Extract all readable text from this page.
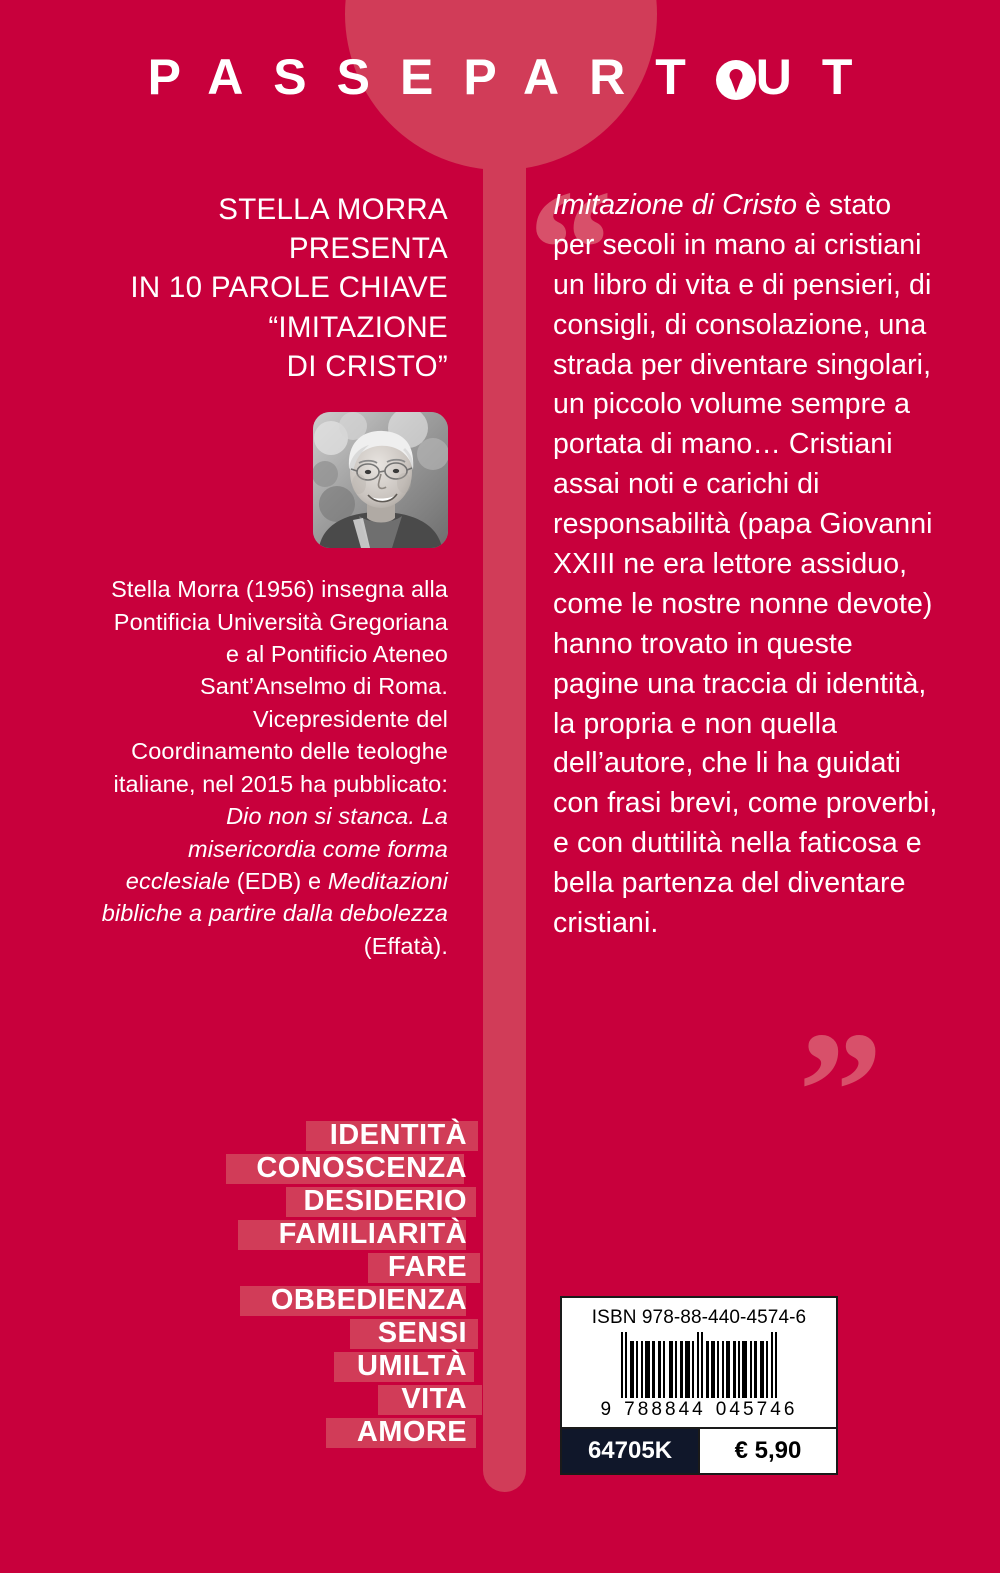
PASSEPART UT
STELLA MORRA
PRESENTA
IN 10 PAROLE CHIAVE
“IMITAZIONE
DI CRISTO”
Stella Morra (1956) insegna alla Pontificia Università Gregoriana e al Pontificio Ateneo Sant’Anselmo di Roma. Vicepresidente del Coordinamento delle teologhe italiane, nel 2015 ha pubblicato: Dio non si stanca. La misericordia come forma ecclesiale (EDB) e Meditazioni bibliche a partire dalla debolezza (Effatà).
IDENTITÀ
CONOSCENZA
DESIDERIO
FAMILIARITÀ
FARE
OBBEDIENZA
SENSI
UMILTÀ
VITA
AMORE
“
”
Imitazione di Cristo è stato per secoli in mano ai cristiani un libro di vita e di pensieri, di consigli, di consolazione, una strada per diventare singolari, un piccolo volume sempre a portata di mano… Cristiani assai noti e carichi di responsabilità (papa Giovanni XXIII ne era lettore assiduo, come le nostre nonne devote) hanno trovato in queste pagine una traccia di identità, la propria e non quella dell’autore, che li ha guidati con frasi brevi, come proverbi, e con duttilità nella faticosa e bella partenza del diventare cristiani.
ISBN 978-88-440-4574-6
9 788844 045746
64705K	€ 5,90
